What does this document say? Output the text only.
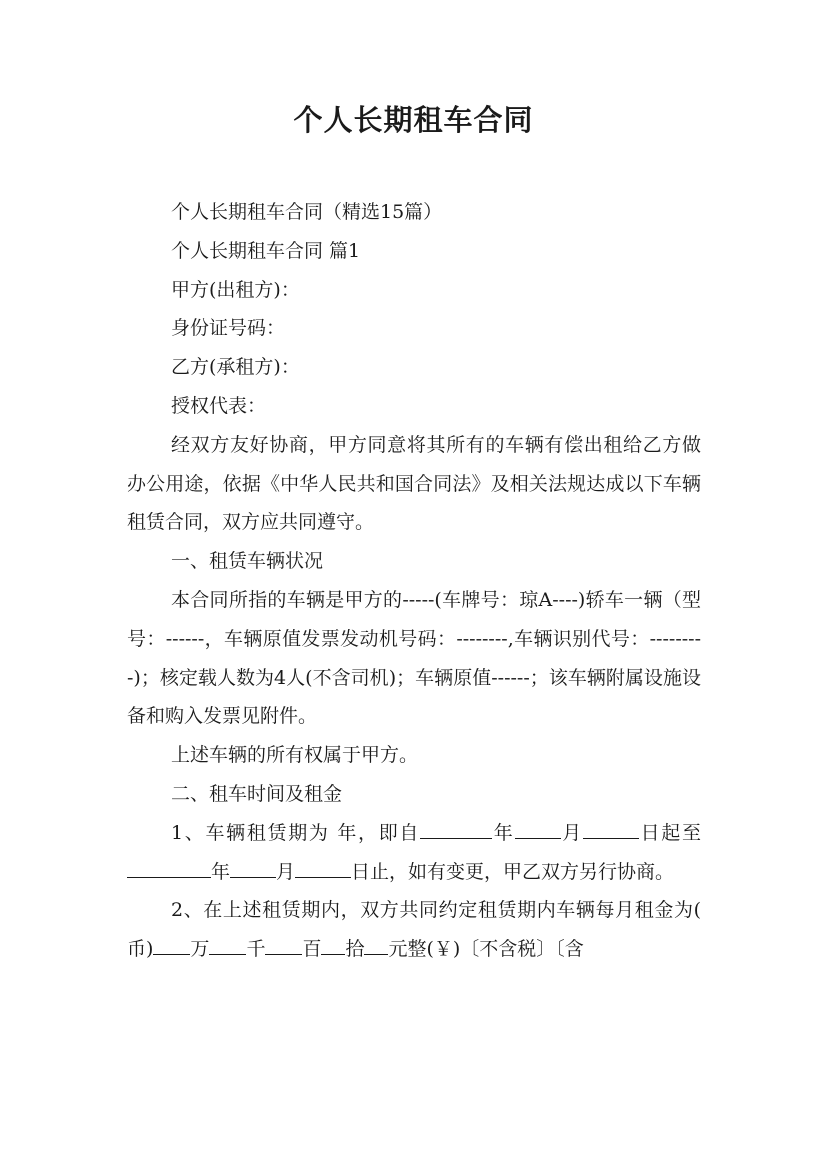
个人长期租车合同

个人长期租车合同（精选15篇）

个人长期租车合同 篇1

甲方(出租方)：

身份证号码：

乙方(承租方)：

授权代表：

经双方友好协商，甲方同意将其所有的车辆有偿出租给乙方做办公用途，依据《中华人民共和国合同法》及相关法规达成以下车辆租赁合同，双方应共同遵守。

一、租赁车辆状况

本合同所指的车辆是甲方的-----(车牌号：琼A----)轿车一辆（型号：------，车辆原值发票发动机号码：--------,车辆识别代号：---------)；核定载人数为4人(不含司机)；车辆原值------；该车辆附属设施设备和购入发票见附件。

上述车辆的所有权属于甲方。

二、租车时间及租金

1、车辆租赁期为 年，即自	年 月	日起至年 月	日止，如有变更，甲乙双方另行协商。

2、在上述租赁期内，双方共同约定租赁期内车辆每月租金为( 币) 万 千 百 拾 元整(￥)〔不含税〕〔含
